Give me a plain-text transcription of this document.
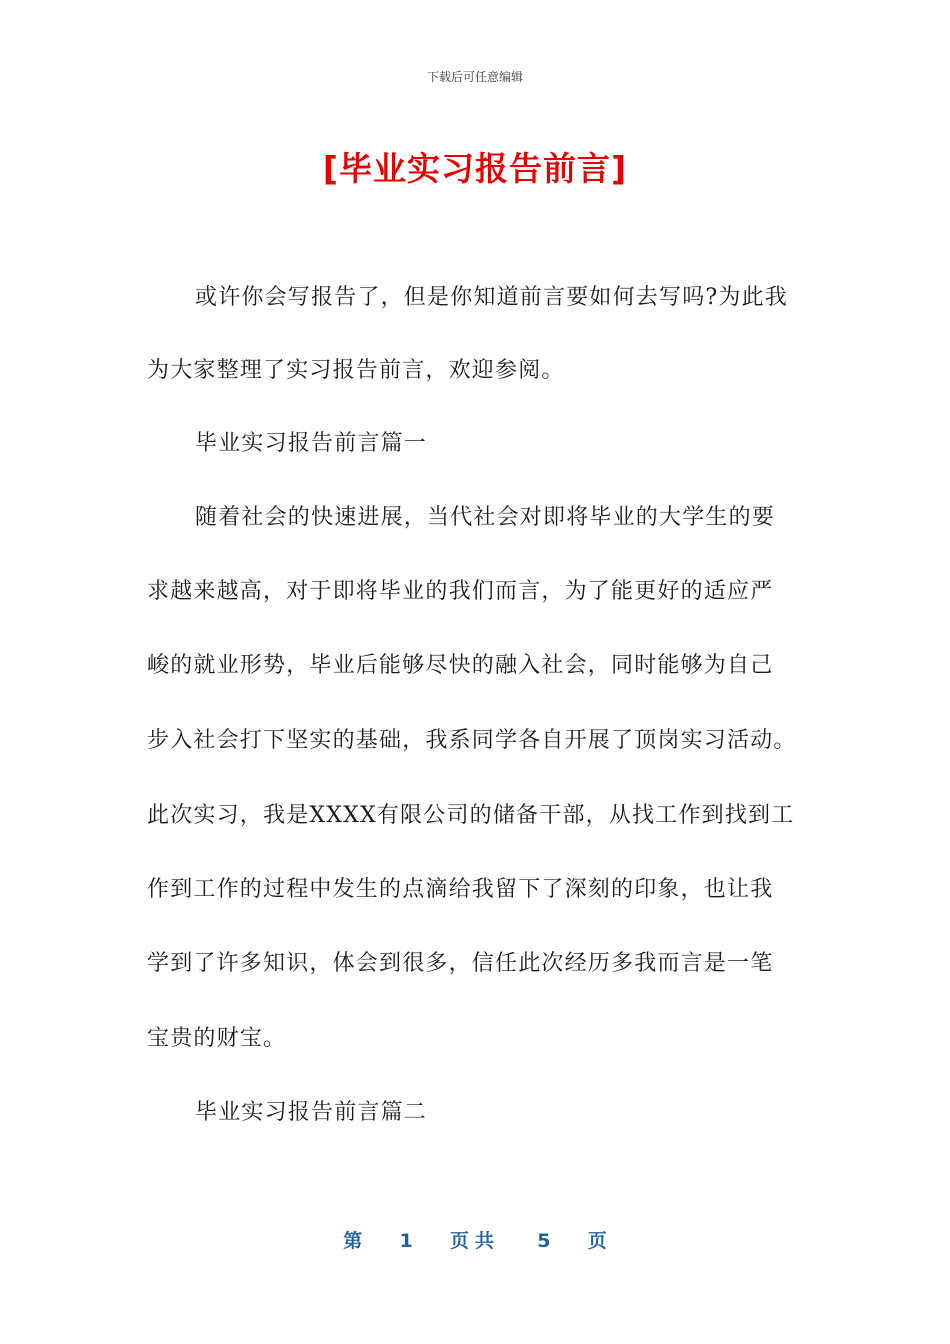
下载后可任意编辑
[毕业实习报告前言]
或许你会写报告了，但是你知道前言要如何去写吗?为此我
为大家整理了实习报告前言，欢迎参阅。
毕业实习报告前言篇一
随着社会的快速进展，当代社会对即将毕业的大学生的要
求越来越高，对于即将毕业的我们而言，为了能更好的适应严
峻的就业形势，毕业后能够尽快的融入社会，同时能够为自己
步入社会打下坚实的基础，我系同学各自开展了顶岗实习活动。
此次实习，我是XXXX有限公司的储备干部，从找工作到找到工
作到工作的过程中发生的点滴给我留下了深刻的印象，也让我
学到了许多知识，体会到很多，信任此次经历多我而言是一笔
宝贵的财宝。
毕业实习报告前言篇二
第 1 页共 5 页
